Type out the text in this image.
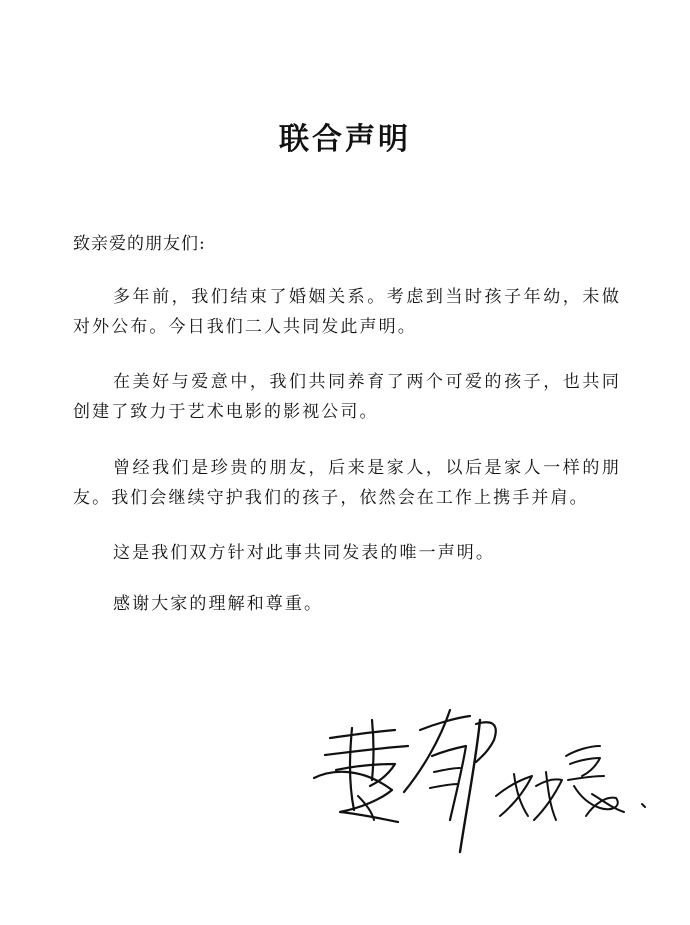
联合声明

致亲爱的朋友们:

多年前，我们结束了婚姻关系。考虑到当时孩子年幼，未做对外公布。今日我们二人共同发此声明。

在美好与爱意中，我们共同养育了两个可爱的孩子，也共同创建了致力于艺术电影的影视公司。

曾经我们是珍贵的朋友，后来是家人，以后是家人一样的朋友。我们会继续守护我们的孩子，依然会在工作上携手并肩。

这是我们双方针对此事共同发表的唯一声明。

感谢大家的理解和尊重。
